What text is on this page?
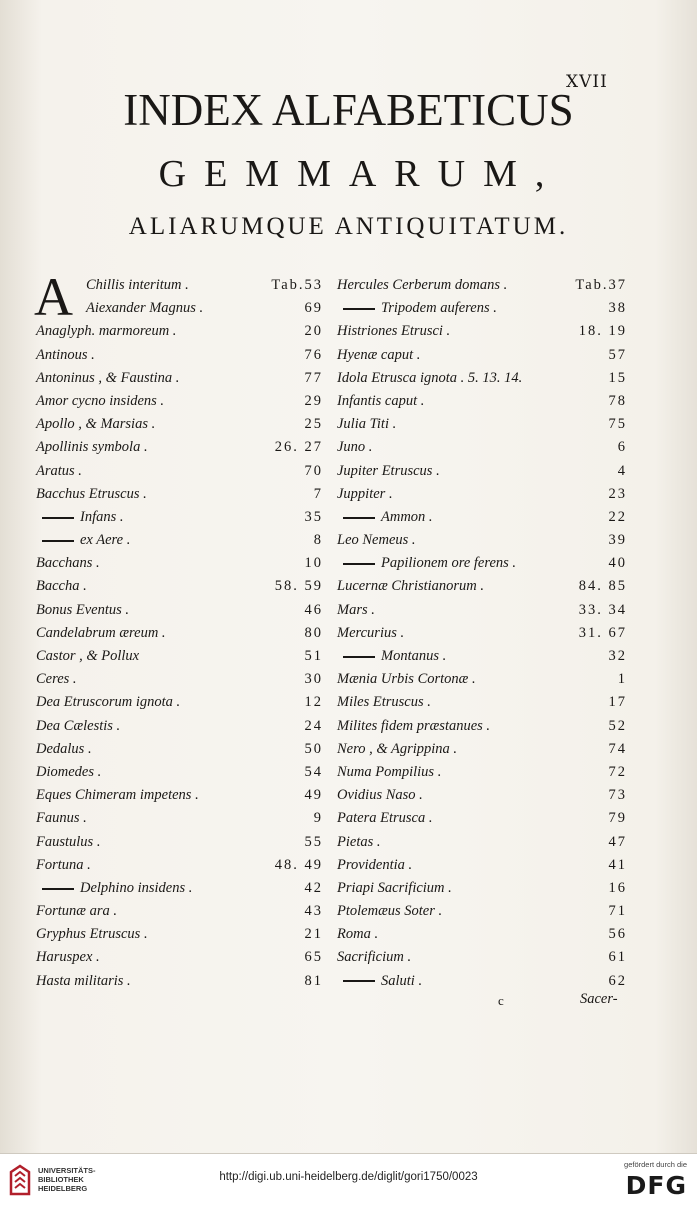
XVII
INDEX ALFABETICUS
GEMMARUM,
ALIARUMQUE ANTIQUITATUM.
A Chillis interitum .	Tab.53
Aiexander Magnus .	69
Anaglyph. marmoreum .	20
Antinous .	76
Antoninus , & Faustina .	77
Amor cycno insidens .	29
Apollo , & Marsias .	25
Apollinis symbola .	26. 27
Aratus .	70
Bacchus Etruscus .	7
Infans .	35
ex Aere .	8
Bacchans .	10
Baccha .	58. 59
Bonus Eventus .	46
Candelabrum æreum .	80
Castor , & Pollux	51
Ceres .	30
Dea Etruscorum ignota .	12
Dea Cælestis .	24
Dedalus .	50
Diomedes .	54
Eques Chimeram impetens .	49
Faunus .	9
Faustulus .	55
Fortuna .	48. 49
Delphino insidens .	42
Fortunæ ara .	43
Gryphus Etruscus .	21
Haruspex .	65
Hasta militaris .	81
Hercules Cerberum domans .	Tab.37
Tripodem auferens .	38
Histriones Etrusci .	18. 19
Hyenæ caput .	57
Idola Etrusca ignota . 5. 13. 14.	15
Infantis caput .	78
Julia Titi .	75
Juno .	6
Jupiter Etruscus .	4
Juppiter .	23
Ammon .	22
Leo Nemeus .	39
Papilionem ore ferens .	40
Lucernæ Christianorum .	84. 85
Mars .	33. 34
Mercurius .	31. 67
Montanus .	32
Mænia Urbis Cortonæ .	1
Miles Etruscus .	17
Milites fidem præstanues .	52
Nero , & Agrippina .	74
Numa Pompilius .	72
Ovidius Naso .	73
Patera Etrusca .	79
Pietas .	47
Providentia .	41
Priapi Sacrificium .	16
Ptolemæus Soter .	71
Roma .	56
Sacrificium .	61
Saluti .	62
c	Sacer-
UNIVERSITÄTS-
BIBLIOTHEK
HEIDELBERG
http://digi.ub.uni-heidelberg.de/diglit/gori1750/0023
gefördert durch die
DFG
